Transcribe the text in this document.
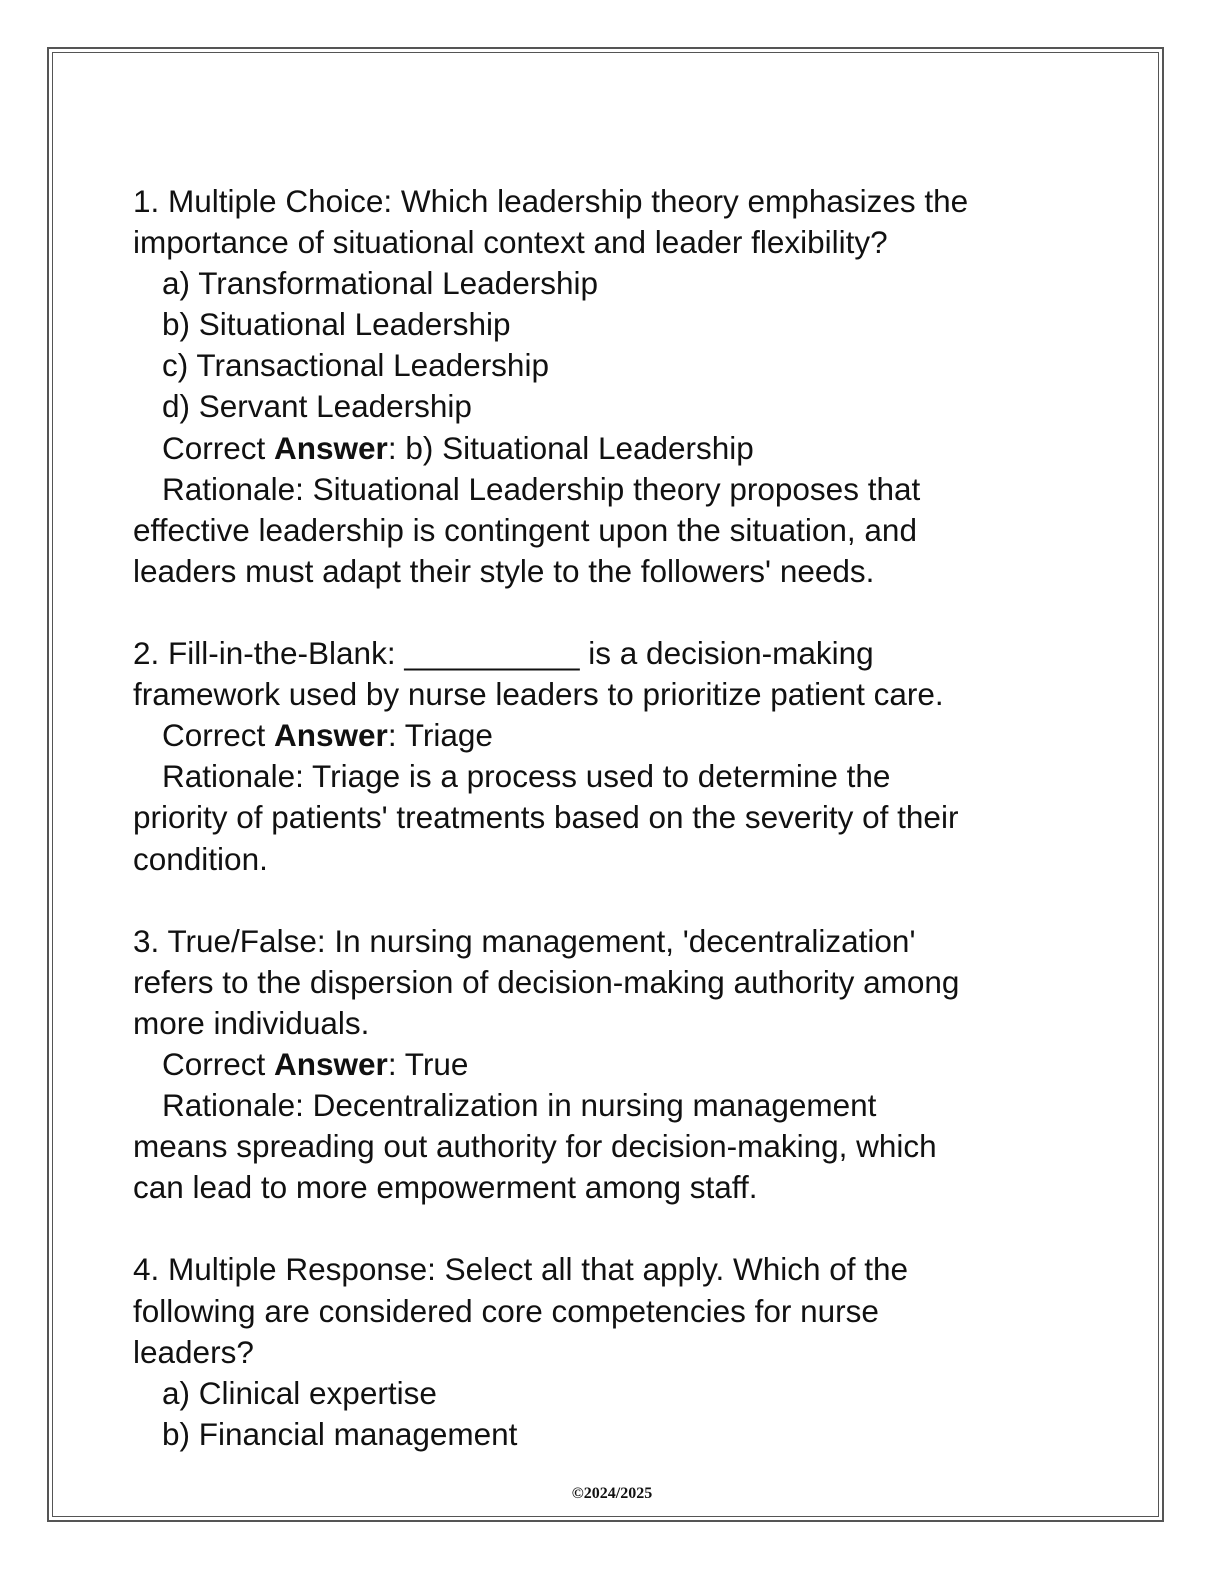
1. Multiple Choice: Which leadership theory emphasizes the
importance of situational context and leader flexibility?
a) Transformational Leadership
b) Situational Leadership
c) Transactional Leadership
d) Servant Leadership
Correct Answer: b) Situational Leadership
Rationale: Situational Leadership theory proposes that
effective leadership is contingent upon the situation, and
leaders must adapt their style to the followers' needs.
2. Fill-in-the-Blank: __________ is a decision-making
framework used by nurse leaders to prioritize patient care.
Correct Answer: Triage
Rationale: Triage is a process used to determine the
priority of patients' treatments based on the severity of their
condition.
3. True/False: In nursing management, 'decentralization'
refers to the dispersion of decision-making authority among
more individuals.
Correct Answer: True
Rationale: Decentralization in nursing management
means spreading out authority for decision-making, which
can lead to more empowerment among staff.
4. Multiple Response: Select all that apply. Which of the
following are considered core competencies for nurse
leaders?
a) Clinical expertise
b) Financial management
©2024/2025
